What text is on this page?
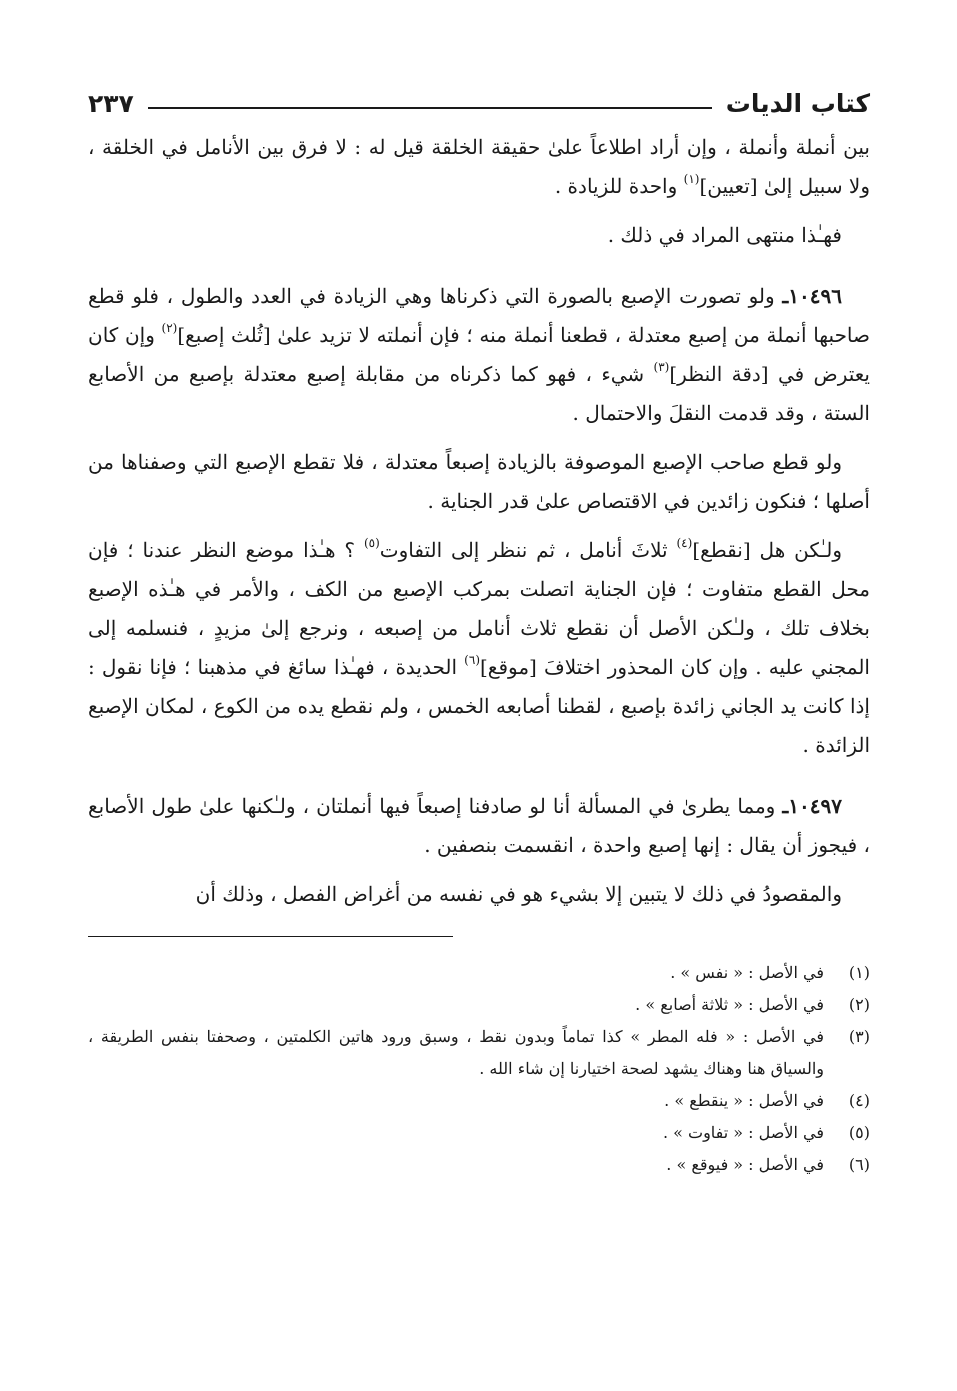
كتاب الديات
٢٣٧

بين أنملة وأنملة ، وإن أراد اطلاعاً علىٰ حقيقة الخلقة قيل له : لا فرق بين الأنامل في الخلقة ، ولا سبيل إلىٰ [تعيين]$^{(١)}$ واحدة للزيادة .

فهـٰذا منتهى المراد في ذلك .

١٠٤٩٦ـ ولو تصورت الإصبع بالصورة التي ذكرناها وهي الزيادة في العدد والطول ، فلو قطع صاحبها أنملة من إصبع معتدلة ، قطعنا أنملة منه ؛ فإن أنملته لا تزيد علىٰ [ثُلث إصبع]$^{(٢)}$ وإن كان يعترض في [دقة النظر]$^{(٣)}$ شيء ، فهو كما ذكرناه من مقابلة إصبع معتدلة بإصبع من الأصابع الستة ، وقد قدمت النقلَ والاحتمال .

ولو قطع صاحب الإصبع الموصوفة بالزيادة إصبعاً معتدلة ، فلا تقطع الإصبع التي وصفناها من أصلها ؛ فنكون زائدين في الاقتصاص علىٰ قدر الجناية .

ولـٰكن هل [نقطع]$^{(٤)}$ ثلاثَ أنامل ، ثم ننظر إلى التفاوت$^{(٥)}$ ؟ هـٰذا موضع النظر عندنا ؛ فإن محل القطع متفاوت ؛ فإن الجناية اتصلت بمركب الإصبع من الكف ، والأمر في هـٰذه الإصبع بخلاف تلك ، ولـٰكن الأصل أن نقطع ثلاث أنامل من إصبعه ، ونرجع إلىٰ مزيدٍ ، فنسلمه إلى المجني عليه . وإن كان المحذور اختلافَ [موقع]$^{(٦)}$ الحديدة ، فهـٰذا سائغ في مذهبنا ؛ فإنا نقول : إذا كانت يد الجاني زائدة بإصبع ، لقطنا أصابعه الخمس ، ولم نقطع يده من الكوع ، لمكان الإصبع الزائدة .

١٠٤٩٧ـ ومما يطرىٰ في المسألة أنا لو صادفنا إصبعاً فيها أنملتان ، ولـٰكنها علىٰ طول الأصابع ، فيجوز أن يقال : إنها إصبع واحدة ، انقسمت بنصفين .

والمقصودُ في ذلك لا يتبين إلا بشيء هو في نفسه من أغراض الفصل ، وذلك أن

(١)
في الأصل : « نفس » .
(٢)
في الأصل : « ثلاثة أصابع » .
(٣)
في الأصل : « فله المطر » كذا تماماً وبدون نقط ، وسبق ورود هاتين الكلمتين ، وصحفتا بنفس الطريقة ، والسياق هنا وهناك يشهد لصحة اختيارنا إن شاء الله .
(٤)
في الأصل : « ينقطع » .
(٥)
في الأصل : « تفاوت » .
(٦)
في الأصل : « فيوقع » .
